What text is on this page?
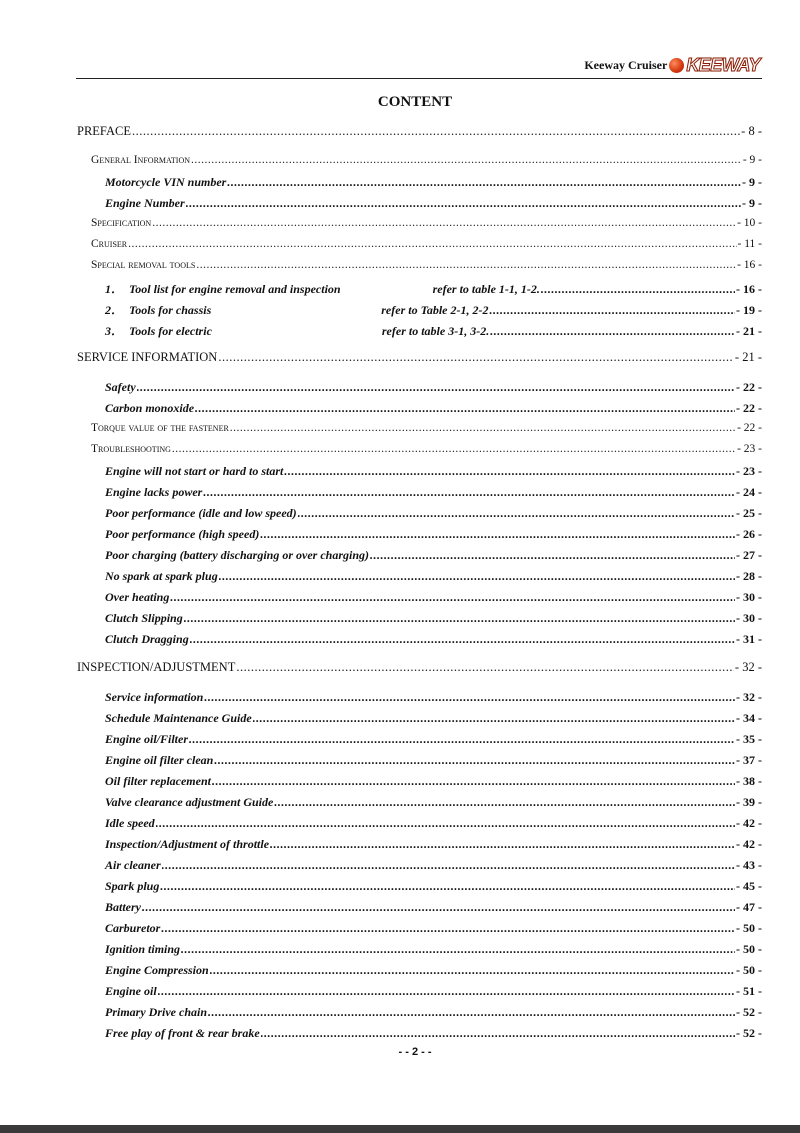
Keeway Cruiser KEEWAY
CONTENT
PREFACE .....	- 8 -
General Information .....	- 9 -
Motorcycle VIN number .....	- 9 -
Engine Number .....	- 9 -
Specification .....	- 10 -
Cruiser .....	- 11 -
Special removal tools .....	- 16 -
1． Tool list for engine removal and inspection	refer to table 1-1, 1-2. .....	- 16 -
2． Tools for chassis	refer to Table 2-1, 2-2 .....	- 19 -
3． Tools for electric	refer to table 3-1, 3-2. .....	- 21 -
SERVICE INFORMATION .....	- 21 -
Safety .....	- 22 -
Carbon monoxide .....	- 22 -
Torque value of the fastener .....	- 22 -
Troubleshooting .....	- 23 -
Engine will not start or hard to start .....	- 23 -
Engine lacks power .....	- 24 -
Poor performance (idle and low speed) .....	- 25 -
Poor performance (high speed) .....	- 26 -
Poor charging (battery discharging or over charging) .....	- 27 -
No spark at spark plug .....	- 28 -
Over heating .....	- 30 -
Clutch Slipping .....	- 30 -
Clutch Dragging .....	- 31 -
INSPECTION/ADJUSTMENT .....	- 32 -
Service information .....	- 32 -
Schedule Maintenance Guide .....	- 34 -
Engine oil/Filter .....	- 35 -
Engine oil filter clean .....	- 37 -
Oil filter replacement .....	- 38 -
Valve clearance adjustment Guide .....	- 39 -
Idle speed .....	- 42 -
Inspection/Adjustment of throttle .....	- 42 -
Air cleaner .....	- 43 -
Spark plug .....	- 45 -
Battery .....	- 47 -
Carburetor .....	- 50 -
Ignition timing .....	- 50 -
Engine Compression .....	- 50 -
Engine oil .....	- 51 -
Primary Drive chain .....	- 52 -
Free play of front & rear brake .....	- 52 -
- - 2 - -
